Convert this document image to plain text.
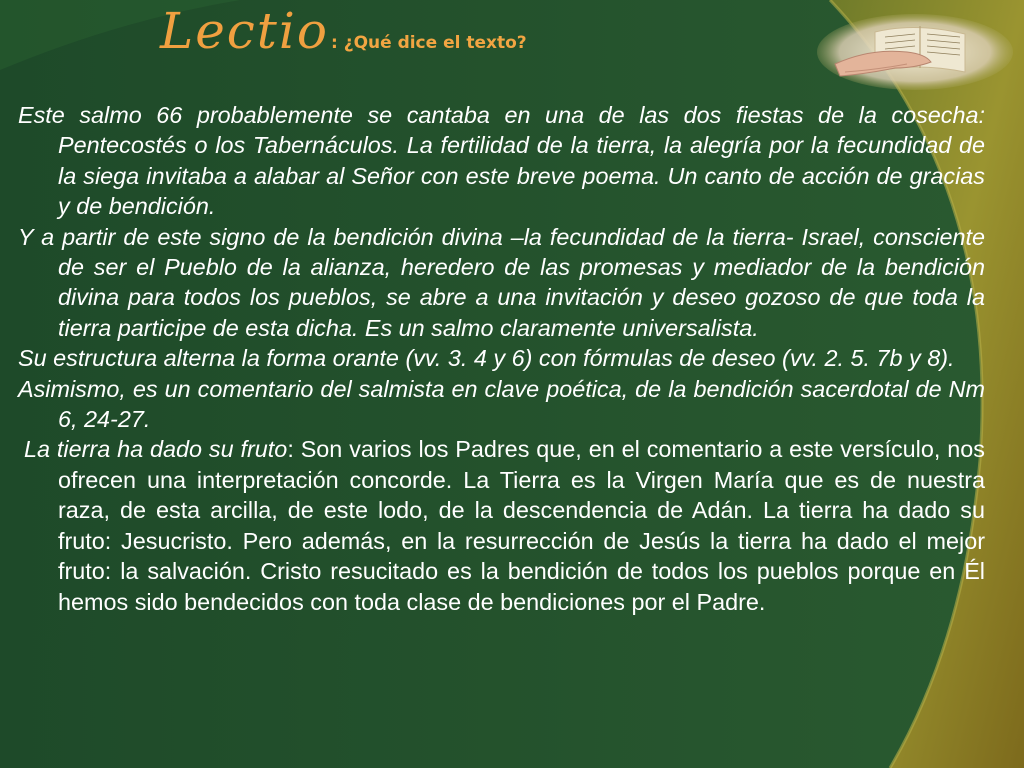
Lectio : ¿Qué dice el texto?

Este salmo 66 probablemente se cantaba en una de las dos fiestas de la cosecha: Pentecostés o los Tabernáculos. La fertilidad de la tierra, la alegría por la fecundidad de la siega invitaba a alabar al Señor con este breve poema. Un canto de acción de gracias y de bendición.

Y a partir de este signo de la bendición divina –la fecundidad de la tierra- Israel, consciente de ser el Pueblo de la alianza, heredero de las promesas y mediador de la bendición divina para todos los pueblos, se abre a una invitación y deseo gozoso de que toda la tierra participe de esta dicha. Es un salmo claramente universalista.

Su estructura alterna la forma orante (vv. 3. 4 y 6) con fórmulas de deseo (vv. 2. 5. 7b y 8).

Asimismo, es un comentario del salmista en clave poética, de la bendición sacerdotal de Nm 6, 24-27.

La tierra ha dado su fruto: Son varios los Padres que, en el comentario a este versículo, nos ofrecen una interpretación concorde. La Tierra es la Virgen María que es de nuestra raza, de esta arcilla, de este lodo, de la descendencia de Adán. La tierra ha dado su fruto: Jesucristo. Pero además, en la resurrección de Jesús la tierra ha dado el mejor fruto: la salvación. Cristo resucitado es la bendición de todos los pueblos porque en Él hemos sido bendecidos con toda clase de bendiciones por el Padre.
